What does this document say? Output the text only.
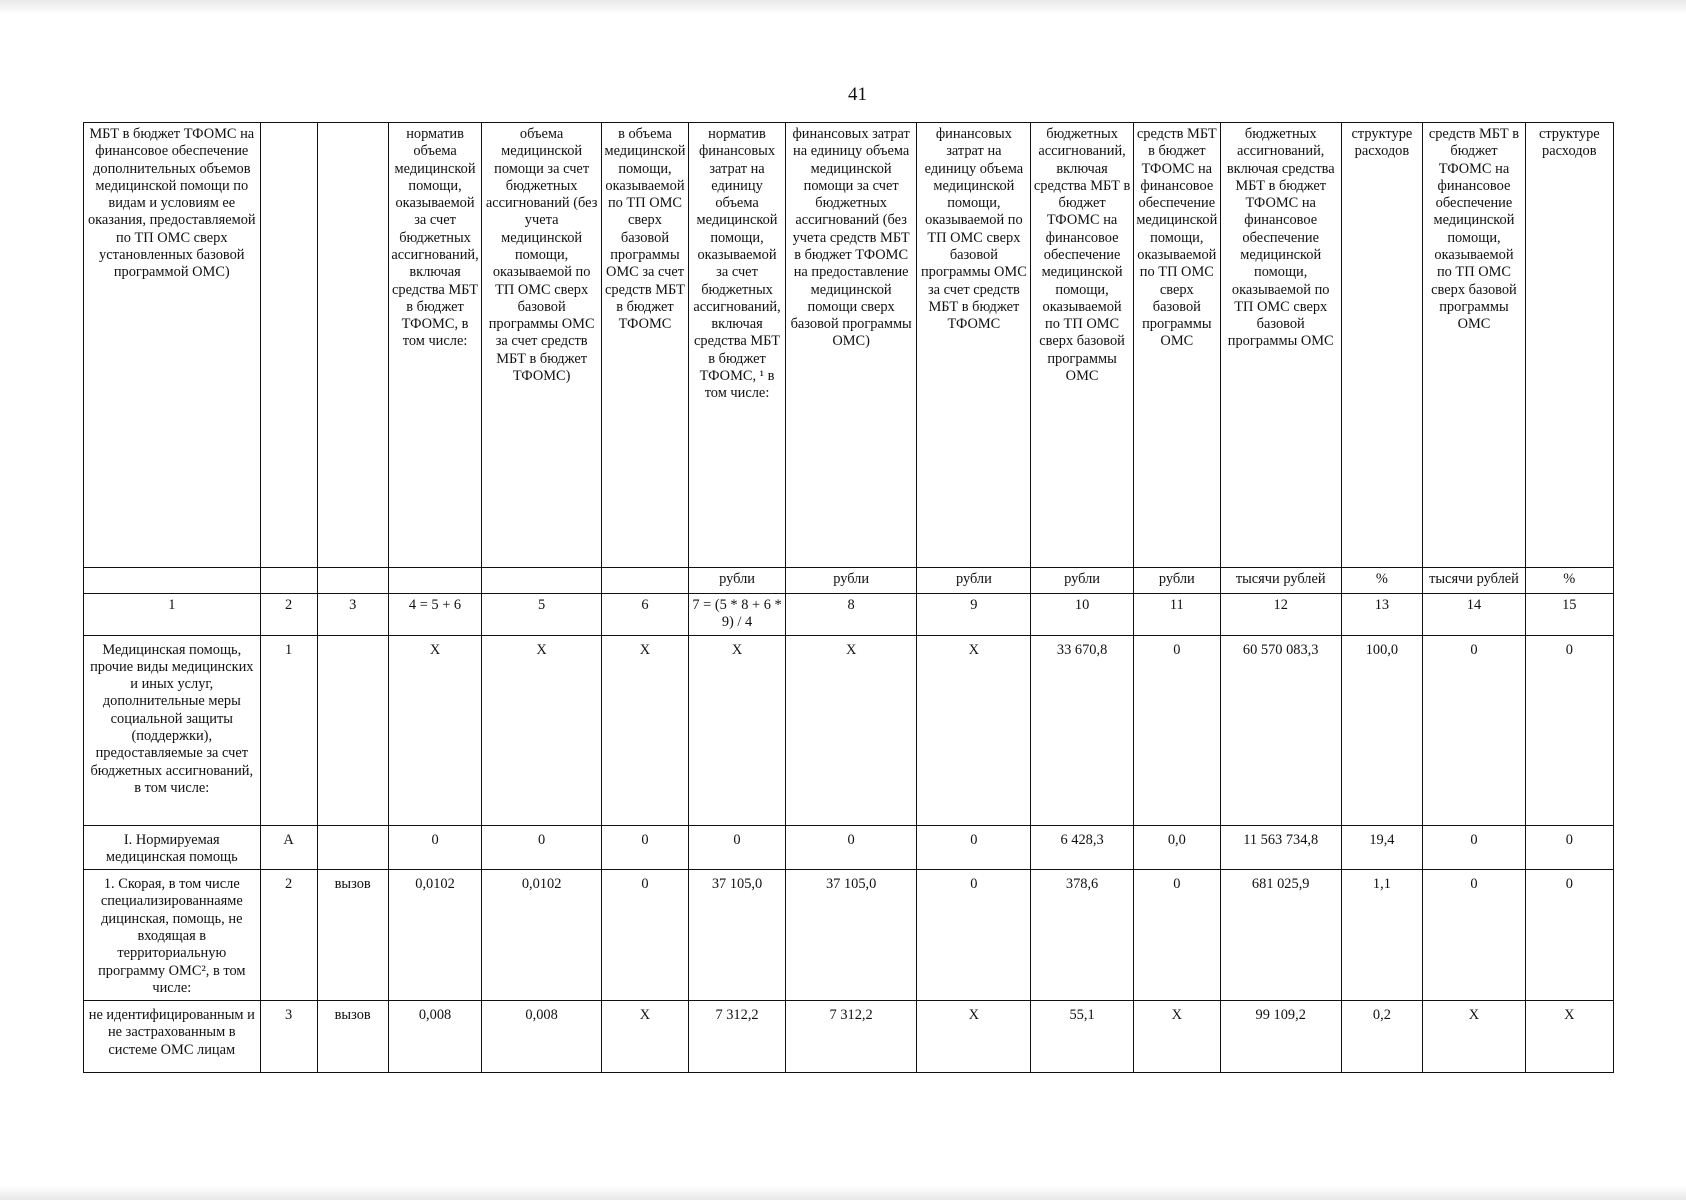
41
МБТ в бюджет ТФОМС на финансовое обеспечение дополнительных объемов медицинской помощи по видам и условиям ее оказания, предоставляемой по ТП ОМС сверх установленных базовой программой ОМС)			норматив объема медицинской помощи, оказываемой за счет бюджетных ассигнований, включая средства МБТ в бюджет ТФОМС, в том числе:	объема медицинской помощи за счет бюджетных ассигнований (без учета медицинской помощи, оказываемой по ТП ОМС сверх базовой программы ОМС за счет средств МБТ в бюджет ТФОМС)	в объема медицинской помощи, оказываемой по ТП ОМС сверх базовой программы ОМС за счет средств МБТ в бюджет ТФОМС	норматив финансовых затрат на единицу объема медицинской помощи, оказываемой за счет бюджетных ассигнований, включая средства МБТ в бюджет ТФОМС, ¹ в том числе:	финансовых затрат на единицу объема медицинской помощи за счет бюджетных ассигнований (без учета средств МБТ в бюджет ТФОМС на предоставление медицинской помощи сверх базовой программы ОМС)	финансовых затрат на единицу объема медицинской помощи, оказываемой по ТП ОМС сверх базовой программы ОМС за счет средств МБТ в бюджет ТФОМС	бюджетных ассигнований, включая средства МБТ в бюджет ТФОМС на финансовое обеспечение медицинской помощи, оказываемой по ТП ОМС сверх базовой программы ОМС	средств МБТ в бюджет ТФОМС на финансовое обеспечение медицинской помощи, оказываемой по ТП ОМС сверх базовой программы ОМС	бюджетных ассигнований, включая средства МБТ в бюджет ТФОМС на финансовое обеспечение медицинской помощи, оказываемой по ТП ОМС сверх базовой программы ОМС	структуре расходов	средств МБТ в бюджет ТФОМС на финансовое обеспечение медицинской помощи, оказываемой по ТП ОМС сверх базовой программы ОМС	структуре расходов
						рубли	рубли	рубли	рубли	рубли	тысячи рублей	%	тысячи рублей	%
1	2	3	4 = 5 + 6	5	6	7 = (5 * 8 + 6 * 9) / 4	8	9	10	11	12	13	14	15
Медицинская помощь, прочие виды медицинских и иных услуг, дополнительные меры социальной защиты (поддержки), предоставляемые за счет бюджетных ассигнований, в том числе:	1		X	X	X	X	X	X	33 670,8	0	60 570 083,3	100,0	0	0
I. Нормируемая медицинская помощь	А		0	0	0	0	0	0	6 428,3	0,0	11 563 734,8	19,4	0	0
1. Скорая, в том числе специализированнаяме дицинская, помощь, не входящая в территориальную программу ОМС², в том числе:	2	вызов	0,0102	0,0102	0	37 105,0	37 105,0	0	378,6	0	681 025,9	1,1	0	0
не идентифицированным и не застрахованным в системе ОМС лицам	3	вызов	0,008	0,008	X	7 312,2	7 312,2	X	55,1	X	99 109,2	0,2	X	X
